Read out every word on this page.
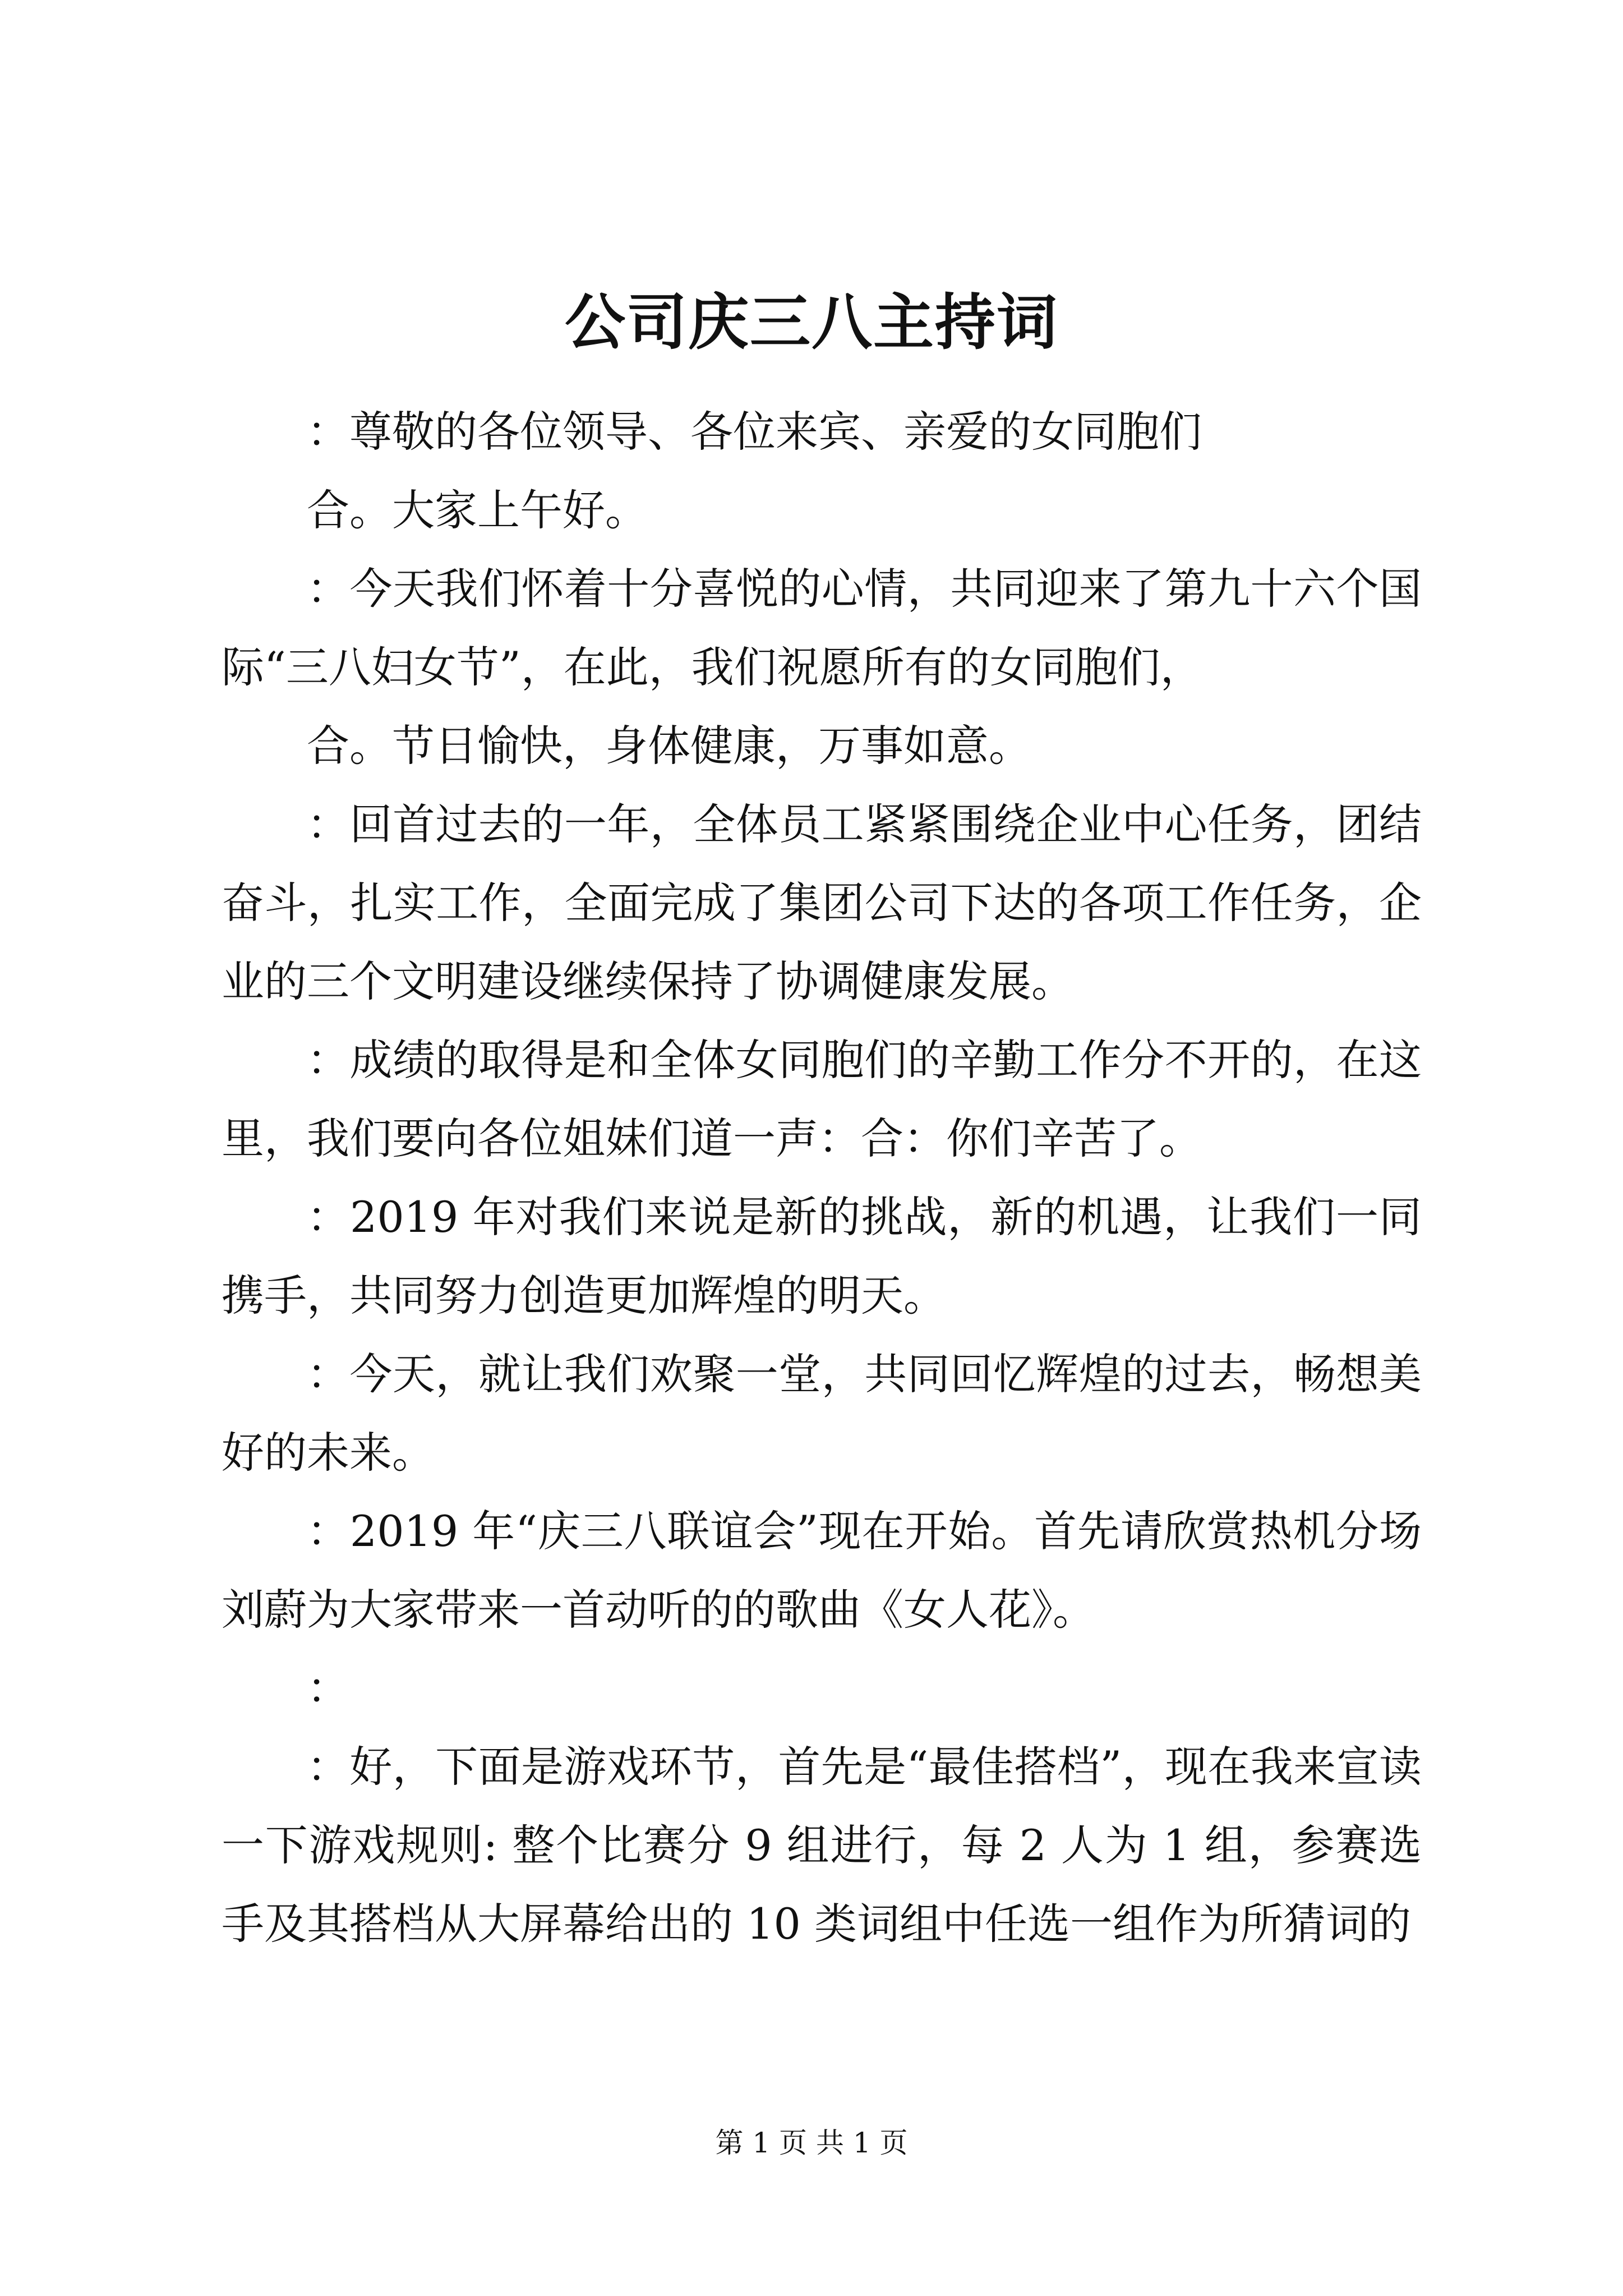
公司庆三八主持词

：尊敬的各位领导、各位来宾、亲爱的女同胞们

合。大家上午好。

：今天我们怀着十分喜悦的心情，共同迎来了第九十六个国际“三八妇女节”，在此，我们祝愿所有的女同胞们，

合。节日愉快，身体健康，万事如意。

：回首过去的一年，全体员工紧紧围绕企业中心任务，团结奋斗，扎实工作，全面完成了集团公司下达的各项工作任务，企业的三个文明建设继续保持了协调健康发展。

：成绩的取得是和全体女同胞们的辛勤工作分不开的，在这里，我们要向各位姐妹们道一声：合：你们辛苦了。

：2019 年对我们来说是新的挑战，新的机遇，让我们一同携手，共同努力创造更加辉煌的明天。

：今天，就让我们欢聚一堂，共同回忆辉煌的过去，畅想美好的未来。

：2019 年“庆三八联谊会”现在开始。首先请欣赏热机分场刘蔚为大家带来一首动听的的歌曲《女人花》。

：

：好，下面是游戏环节，首先是“最佳搭档”，现在我来宣读一下游戏规则: 整个比赛分 9 组进行，每 2 人为 1 组，参赛选手及其搭档从大屏幕给出的 10 类词组中任选一组作为所猜词的

第 1 页 共 1 页
